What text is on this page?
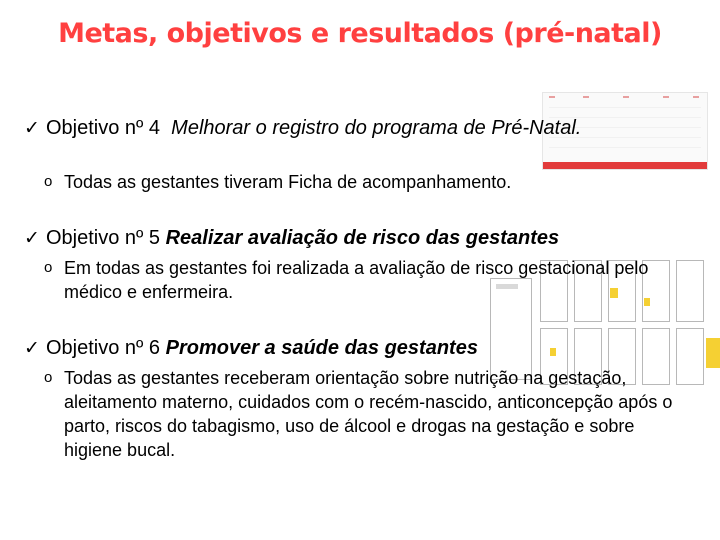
Metas, objetivos e resultados (pré-natal)
✓ Objetivo nº 4 Melhorar o registro do programa de Pré-Natal.
o Todas as gestantes tiveram Ficha de acompanhamento.
✓ Objetivo nº 5 Realizar avaliação de risco das gestantes
o Em todas as gestantes foi realizada a avaliação de risco gestacional pelo médico e enfermeira.
✓ Objetivo nº 6 Promover a saúde das gestantes
o Todas as gestantes receberam orientação sobre nutrição na gestação, aleitamento materno, cuidados com o recém-nascido, anticoncepção após o parto, riscos do tabagismo, uso de álcool e drogas na gestação e sobre higiene bucal.
